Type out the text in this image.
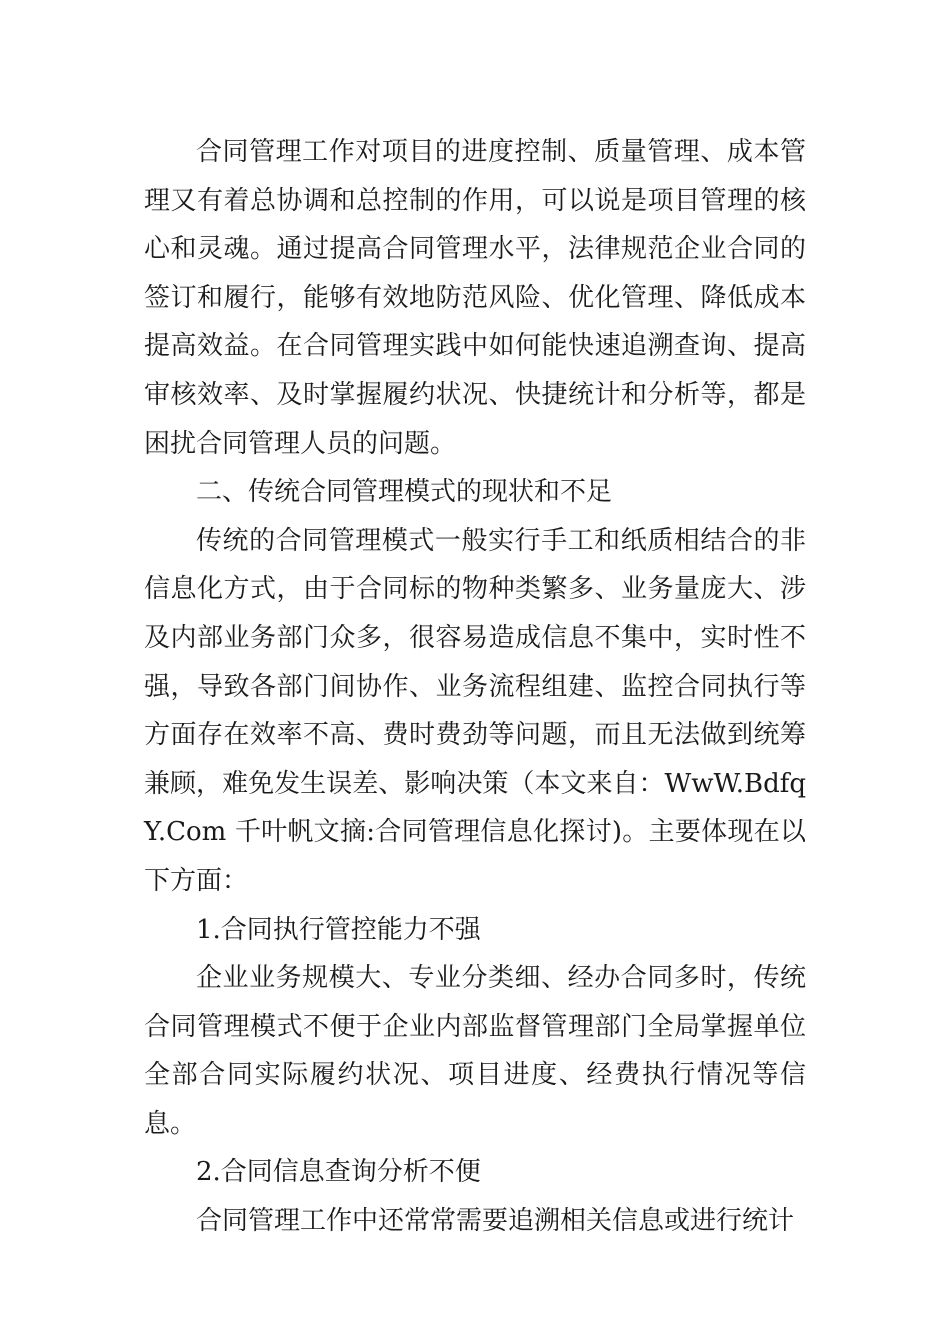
合同管理工作对项目的进度控制、质量管理、成本管理又有着总协调和总控制的作用，可以说是项目管理的核心和灵魂。通过提高合同管理水平，法律规范企业合同的签订和履行，能够有效地防范风险、优化管理、降低成本提高效益。在合同管理实践中如何能快速追溯查询、提高审核效率、及时掌握履约状况、快捷统计和分析等，都是困扰合同管理人员的问题。

二、传统合同管理模式的现状和不足

传统的合同管理模式一般实行手工和纸质相结合的非信息化方式，由于合同标的物种类繁多、业务量庞大、涉及内部业务部门众多，很容易造成信息不集中，实时性不强，导致各部门间协作、业务流程组建、监控合同执行等方面存在效率不高、费时费劲等问题，而且无法做到统筹兼顾，难免发生误差、影响决策（本文来自：WwW.BdfqY.Com 千叶帆文摘:合同管理信息化探讨)。主要体现在以下方面：

1.合同执行管控能力不强

企业业务规模大、专业分类细、经办合同多时，传统合同管理模式不便于企业内部监督管理部门全局掌握单位全部合同实际履约状况、项目进度、经费执行情况等信息。

2.合同信息查询分析不便

合同管理工作中还常常需要追溯相关信息或进行统计
